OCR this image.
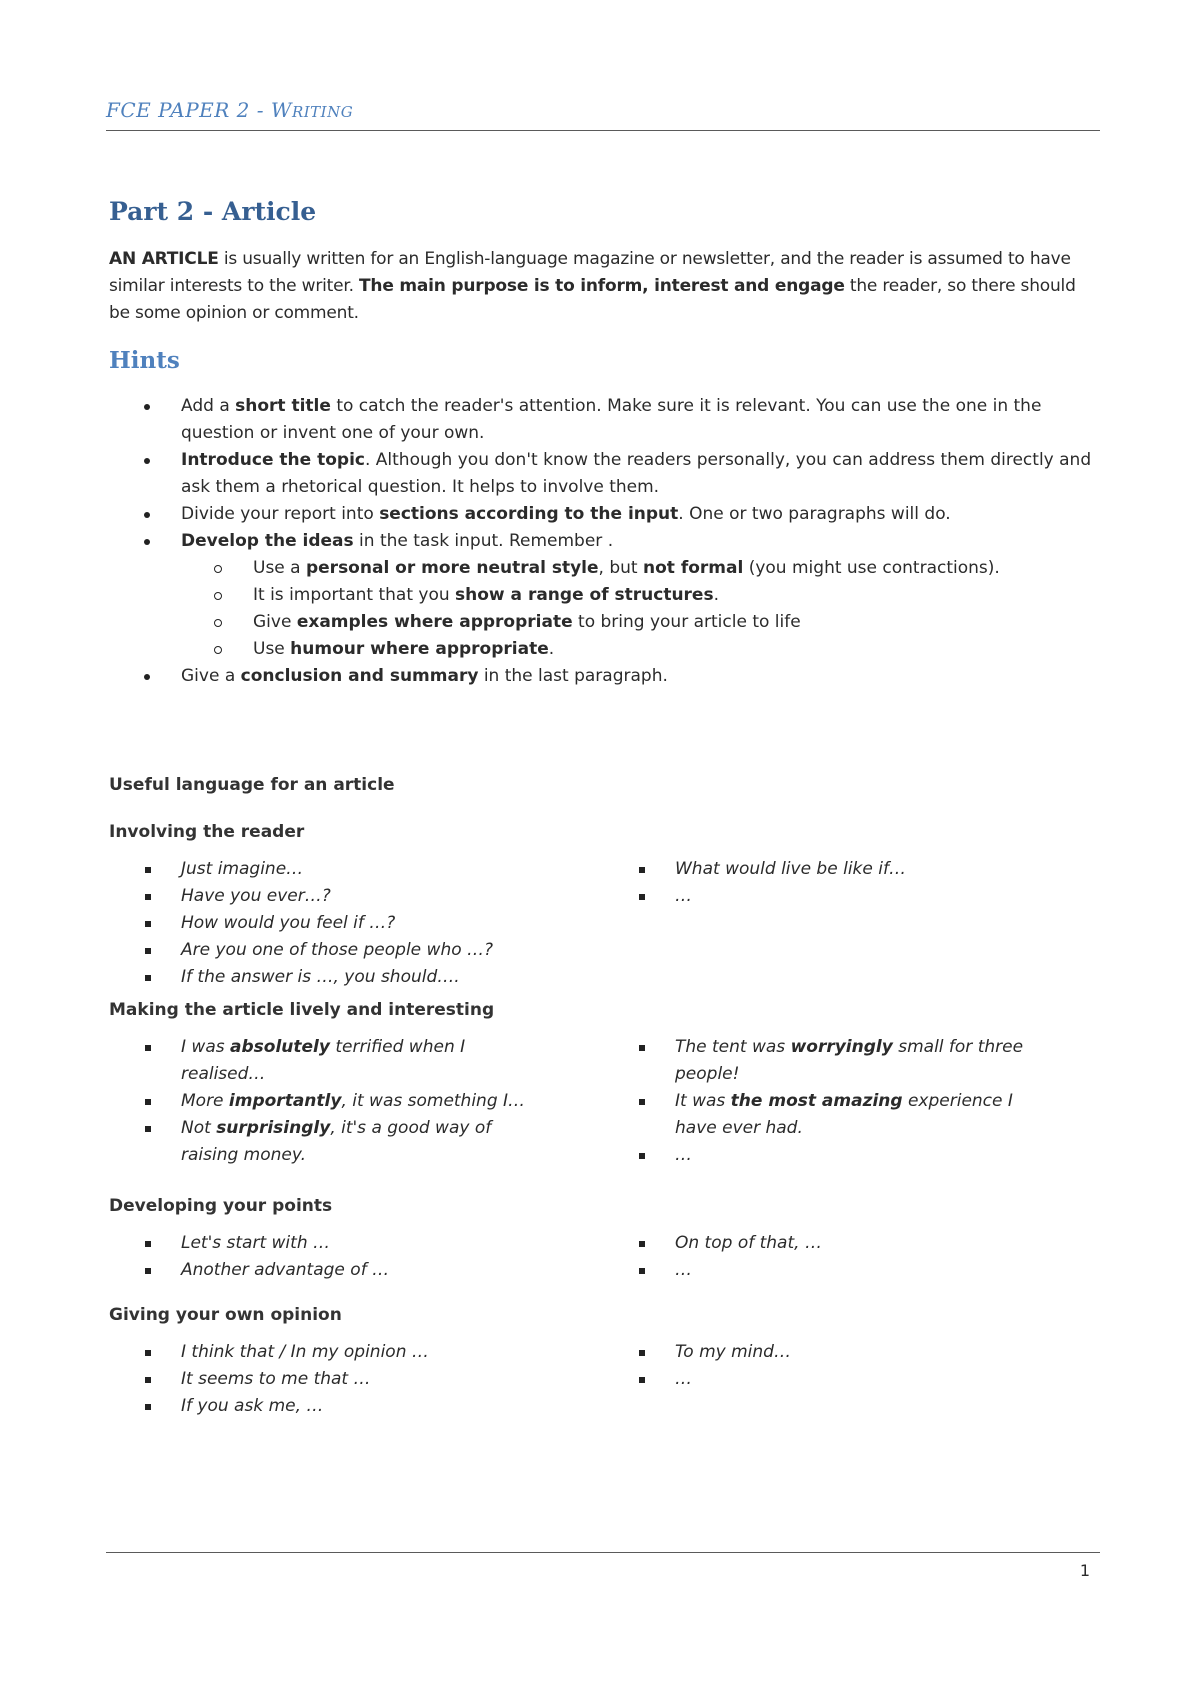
FCE PAPER 2 - WRITING
Part 2 - Article

AN ARTICLE is usually written for an English-language magazine or newsletter, and the reader is assumed to have similar interests to the writer. The main purpose is to inform, interest and engage the reader, so there should be some opinion or comment.

Hints
Add a short title to catch the reader's attention. Make sure it is relevant. You can use the one in the question or invent one of your own.
Introduce the topic. Although you don't know the readers personally, you can address them directly and ask them a rhetorical question. It helps to involve them.
Divide your report into sections according to the input. One or two paragraphs will do.
Develop the ideas in the task input. Remember .
Use a personal or more neutral style, but not formal (you might use contractions).
It is important that you show a range of structures.
Give examples where appropriate to bring your article to life
Use humour where appropriate.
Give a conclusion and summary in the last paragraph.
Useful language for an article
Involving the reader
Just imagine…
Have you ever…?
How would you feel if …?
Are you one of those people who …?
If the answer is …, you should….
What would live be like if…
…
Making the article lively and interesting
I was absolutely terrified when I realised…
More importantly, it was something I…
Not surprisingly, it's a good way of raising money.
The tent was worryingly small for three people!
It was the most amazing experience I have ever had.
…
Developing your points
Let's start with …
Another advantage of …
On top of that, …
…
Giving your own opinion
I think that / In my opinion …
It seems to me that …
If you ask me, …
To my mind…
…
1
